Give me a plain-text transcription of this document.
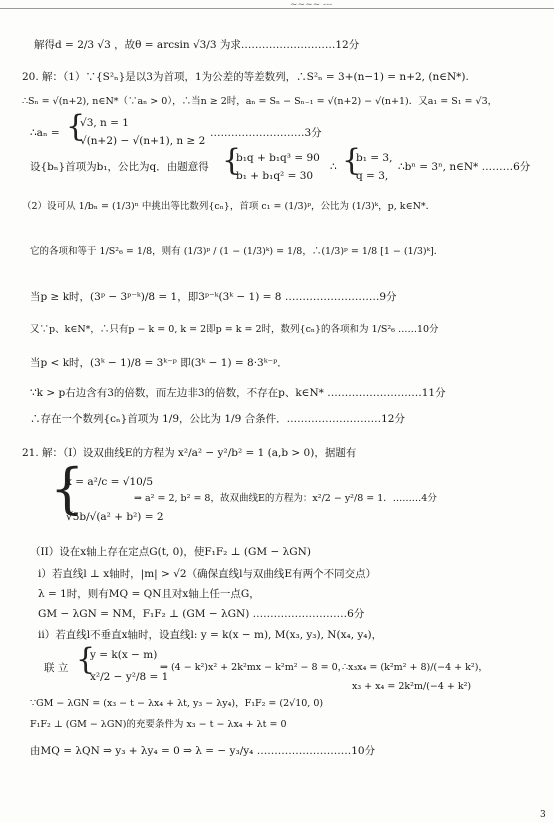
~~~~ ---
解得d = 2/3 √3 ，故θ = arcsin √3/3 为求………………………12分
20. 解：（1）∵{S²ₙ}是以3为首项，1为公差的等差数列，∴S²ₙ = 3+(n−1) = n+2, (n∈N*).
∴Sₙ = √(n+2), n∈N*（∵aₙ > 0），∴当n ≥ 2时，aₙ = Sₙ − Sₙ₋₁ = √(n+2) − √(n+1)．又a₁ = S₁ = √3，
∴aₙ = {
√3, n = 1
√(n+2) − √(n+1), n ≥ 2
………………………3分
设{bₙ}首项为b₁，公比为q．由题意得 {
b₁q + b₁q³ = 90
b₁ + b₁q² = 30
∴ {
b₁ = 3,
q = 3,
∴bⁿ = 3ⁿ, n∈N* ………6分
（2）设可从 1/bₙ = (1/3)ⁿ 中挑出等比数列{cₙ}，首项 c₁ = (1/3)ᵖ，公比为 (1/3)ᵏ，p, k∈N*．
它的各项和等于 1/S²₆ = 1/8，则有 (1/3)ᵖ / (1 − (1/3)ᵏ) = 1/8，∴(1/3)ᵖ = 1/8 [1 − (1/3)ᵏ]．
当p ≥ k时，(3ᵖ − 3ᵖ⁻ᵏ)/8 = 1，即3ᵖ⁻ᵏ(3ᵏ − 1) = 8 ………………………9分
又∵p、k∈N*，∴只有p − k = 0, k = 2即p = k = 2时，数列{cₙ}的各项和为 1/S²₆ ……10分
当p < k时，(3ᵏ − 1)/8 = 3ᵏ⁻ᵖ 即(3ᵏ − 1) = 8·3ᵏ⁻ᵖ．
∵k > p右边含有3的倍数，而左边非3的倍数，不存在p、k∈N* ………………………11分
∴存在一个数列{cₙ}首项为 1/9，公比为 1/9 合条件．………………………12分
21. 解：（I）设双曲线E的方程为 x²/a² − y²/b² = 1 (a,b > 0)，据题有
{
x = a²/c = √10/5
√5b/√(a² + b²) = 2
⇒ a² = 2, b² = 8，故双曲线E的方程为：x²/2 − y²/8 = 1．………4分
（II）设在x轴上存在定点G(t, 0)，使F₁F₂ ⊥ (GM − λGN)
i）若直线l ⊥ x轴时，|m| > √2（确保直线l与双曲线E有两个不同交点）
λ = 1时，则有MQ = QN且对x轴上任一点G，
GM − λGN = NM，F₁F₂ ⊥ (GM − λGN) ………………………6分
ii）若直线l不垂直x轴时，设直线l: y = k(x − m), M(x₃, y₃), N(x₄, y₄)，
联 立 {
y = k(x − m)
x²/2 − y²/8 = 1
⇒ (4 − k²)x² + 2k²mx − k²m² − 8 = 0，
∴x₃x₄ = (k²m² + 8)/(−4 + k²)，
x₃ + x₄ = 2k²m/(−4 + k²)
∵GM − λGN = (x₃ − t − λx₄ + λt, y₃ − λy₄)，F₁F₂ = (2√10, 0)
F₁F₂ ⊥ (GM − λGN)的充要条件为 x₃ − t − λx₄ + λt = 0
由MQ = λQN ⇒ y₃ + λy₄ = 0 ⇒ λ = − y₃/y₄ ………………………10分
3
